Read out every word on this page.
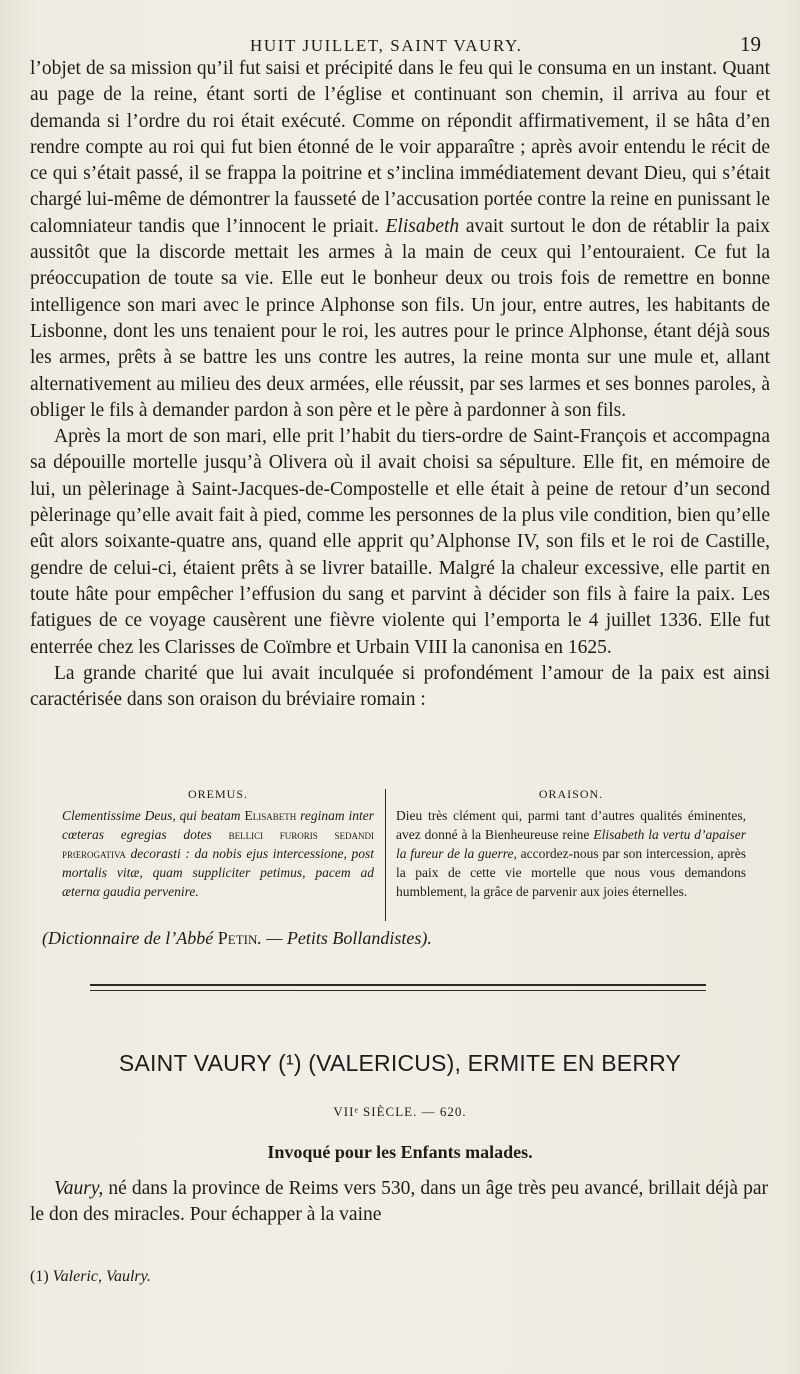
HUIT JUILLET, SAINT VAURY.	19

l’objet de sa mission qu’il fut saisi et précipité dans le feu qui le consuma en un instant. Quant au page de la reine, étant sorti de l’église et continuant son chemin, il arriva au four et demanda si l’ordre du roi était exécuté. Comme on répondit affirmativement, il se hâta d’en rendre compte au roi qui fut bien étonné de le voir apparaître ; après avoir entendu le récit de ce qui s’était passé, il se frappa la poitrine et s’inclina immédiatement devant Dieu, qui s’était chargé lui-même de démontrer la fausseté de l’accusation portée contre la reine en punissant le calomniateur tandis que l’innocent le priait. Elisabeth avait surtout le don de rétablir la paix aussitôt que la discorde mettait les armes à la main de ceux qui l’entouraient. Ce fut la préoccupation de toute sa vie. Elle eut le bonheur deux ou trois fois de remettre en bonne intelligence son mari avec le prince Alphonse son fils. Un jour, entre autres, les habitants de Lisbonne, dont les uns tenaient pour le roi, les autres pour le prince Alphonse, étant déjà sous les armes, prêts à se battre les uns contre les autres, la reine monta sur une mule et, allant alternativement au milieu des deux armées, elle réussit, par ses larmes et ses bonnes paroles, à obliger le fils à demander pardon à son père et le père à pardonner à son fils.

Après la mort de son mari, elle prit l’habit du tiers-ordre de Saint-François et accompagna sa dépouille mortelle jusqu’à Olivera où il avait choisi sa sépulture. Elle fit, en mémoire de lui, un pèlerinage à Saint-Jacques-de-Compostelle et elle était à peine de retour d’un second pèlerinage qu’elle avait fait à pied, comme les personnes de la plus vile condition, bien qu’elle eût alors soixante-quatre ans, quand elle apprit qu’Alphonse IV, son fils et le roi de Castille, gendre de celui-ci, étaient prêts à se livrer bataille. Malgré la chaleur excessive, elle partit en toute hâte pour empêcher l’effusion du sang et parvint à décider son fils à faire la paix. Les fatigues de ce voyage causèrent une fièvre violente qui l’emporta le 4 juillet 1336. Elle fut enterrée chez les Clarisses de Coïmbre et Urbain VIII la canonisa en 1625.

La grande charité que lui avait inculquée si profondément l’amour de la paix est ainsi caractérisée dans son oraison du bréviaire romain :

OREMUS.
Clementissime Deus, qui beatam Elisabeth reginam inter cœteras egregias dotes bellici furoris sedandi prœrogativa decorasti : da nobis ejus intercessione, post mortalis vitæ, quam suppliciter petimus, pacem ad æternα gaudia pervenire.
ORAISON.
Dieu très clément qui, parmi tant d’autres qualités éminentes, avez donné à la Bienheureuse reine Elisabeth la vertu d’apaiser la fureur de la guerre, accordez-nous par son intercession, après la paix de cette vie mortelle que nous vous demandons humblement, la grâce de parvenir aux joies éternelles.
(Dictionnaire de l’Abbé Petin. — Petits Bollandistes).
SAINT VAURY (¹) (VALERICUS), ERMITE EN BERRY
VIIᵉ SIÈCLE. — 620.
Invoqué pour les Enfants malades.
Vaury, né dans la province de Reims vers 530, dans un âge très peu avancé, brillait déjà par le don des miracles. Pour échapper à la vaine
(1) Valeric, Vaulry.
